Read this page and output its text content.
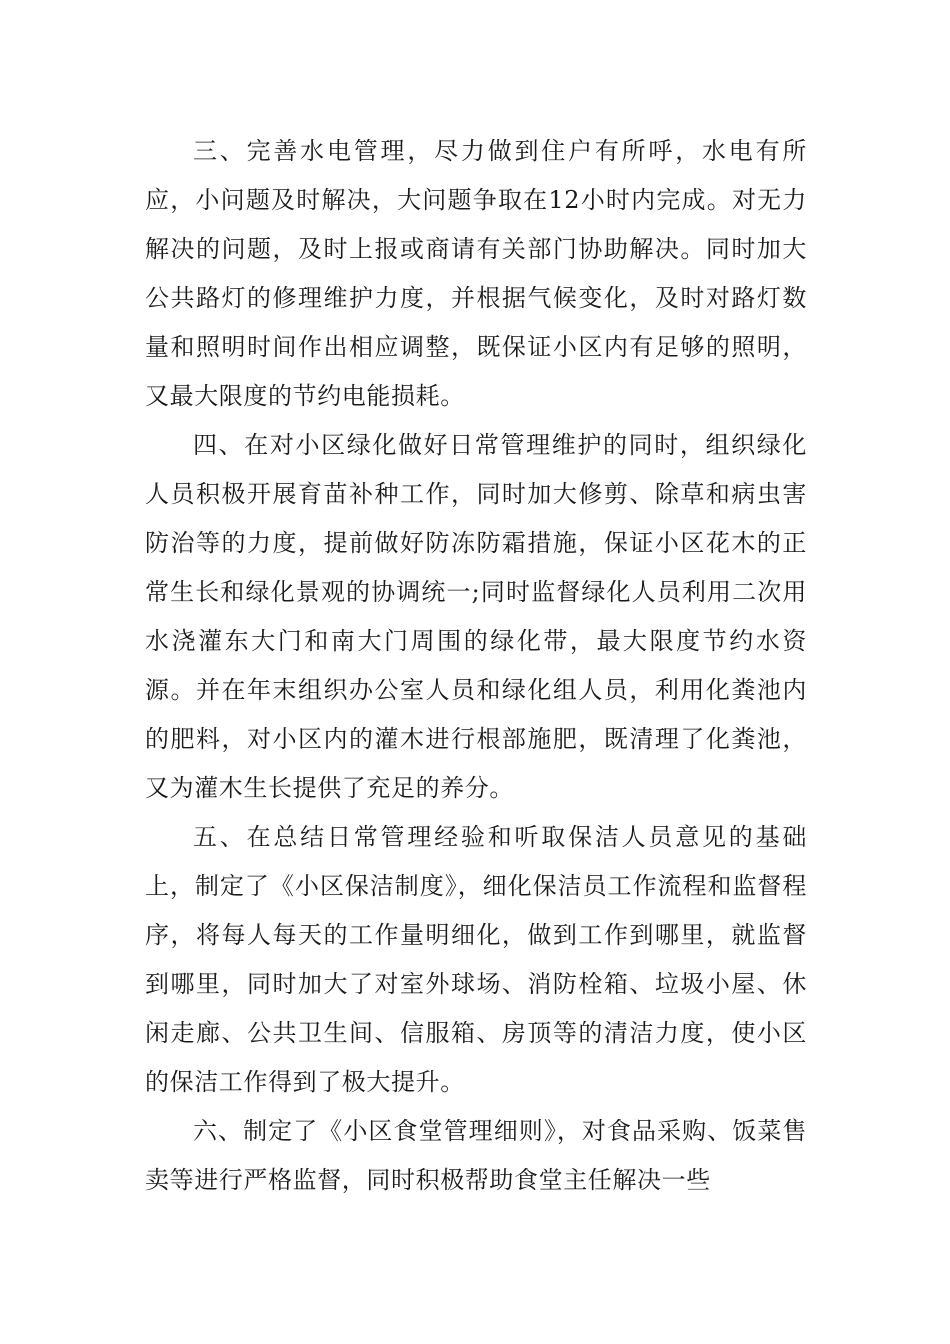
三、完善水电管理，尽力做到住户有所呼，水电有所应，小问题及时解决，大问题争取在12小时内完成。对无力解决的问题，及时上报或商请有关部门协助解决。同时加大公共路灯的修理维护力度，并根据气候变化，及时对路灯数量和照明时间作出相应调整，既保证小区内有足够的照明，又最大限度的节约电能损耗。

四、在对小区绿化做好日常管理维护的同时，组织绿化人员积极开展育苗补种工作，同时加大修剪、除草和病虫害防治等的力度，提前做好防冻防霜措施，保证小区花木的正常生长和绿化景观的协调统一;同时监督绿化人员利用二次用水浇灌东大门和南大门周围的绿化带，最大限度节约水资源。并在年末组织办公室人员和绿化组人员，利用化粪池内的肥料，对小区内的灌木进行根部施肥，既清理了化粪池，又为灌木生长提供了充足的养分。

五、在总结日常管理经验和听取保洁人员意见的基础上，制定了《小区保洁制度》，细化保洁员工作流程和监督程序，将每人每天的工作量明细化，做到工作到哪里，就监督到哪里，同时加大了对室外球场、消防栓箱、垃圾小屋、休闲走廊、公共卫生间、信服箱、房顶等的清洁力度，使小区的保洁工作得到了极大提升。

六、制定了《小区食堂管理细则》，对食品采购、饭菜售卖等进行严格监督，同时积极帮助食堂主任解决一些
